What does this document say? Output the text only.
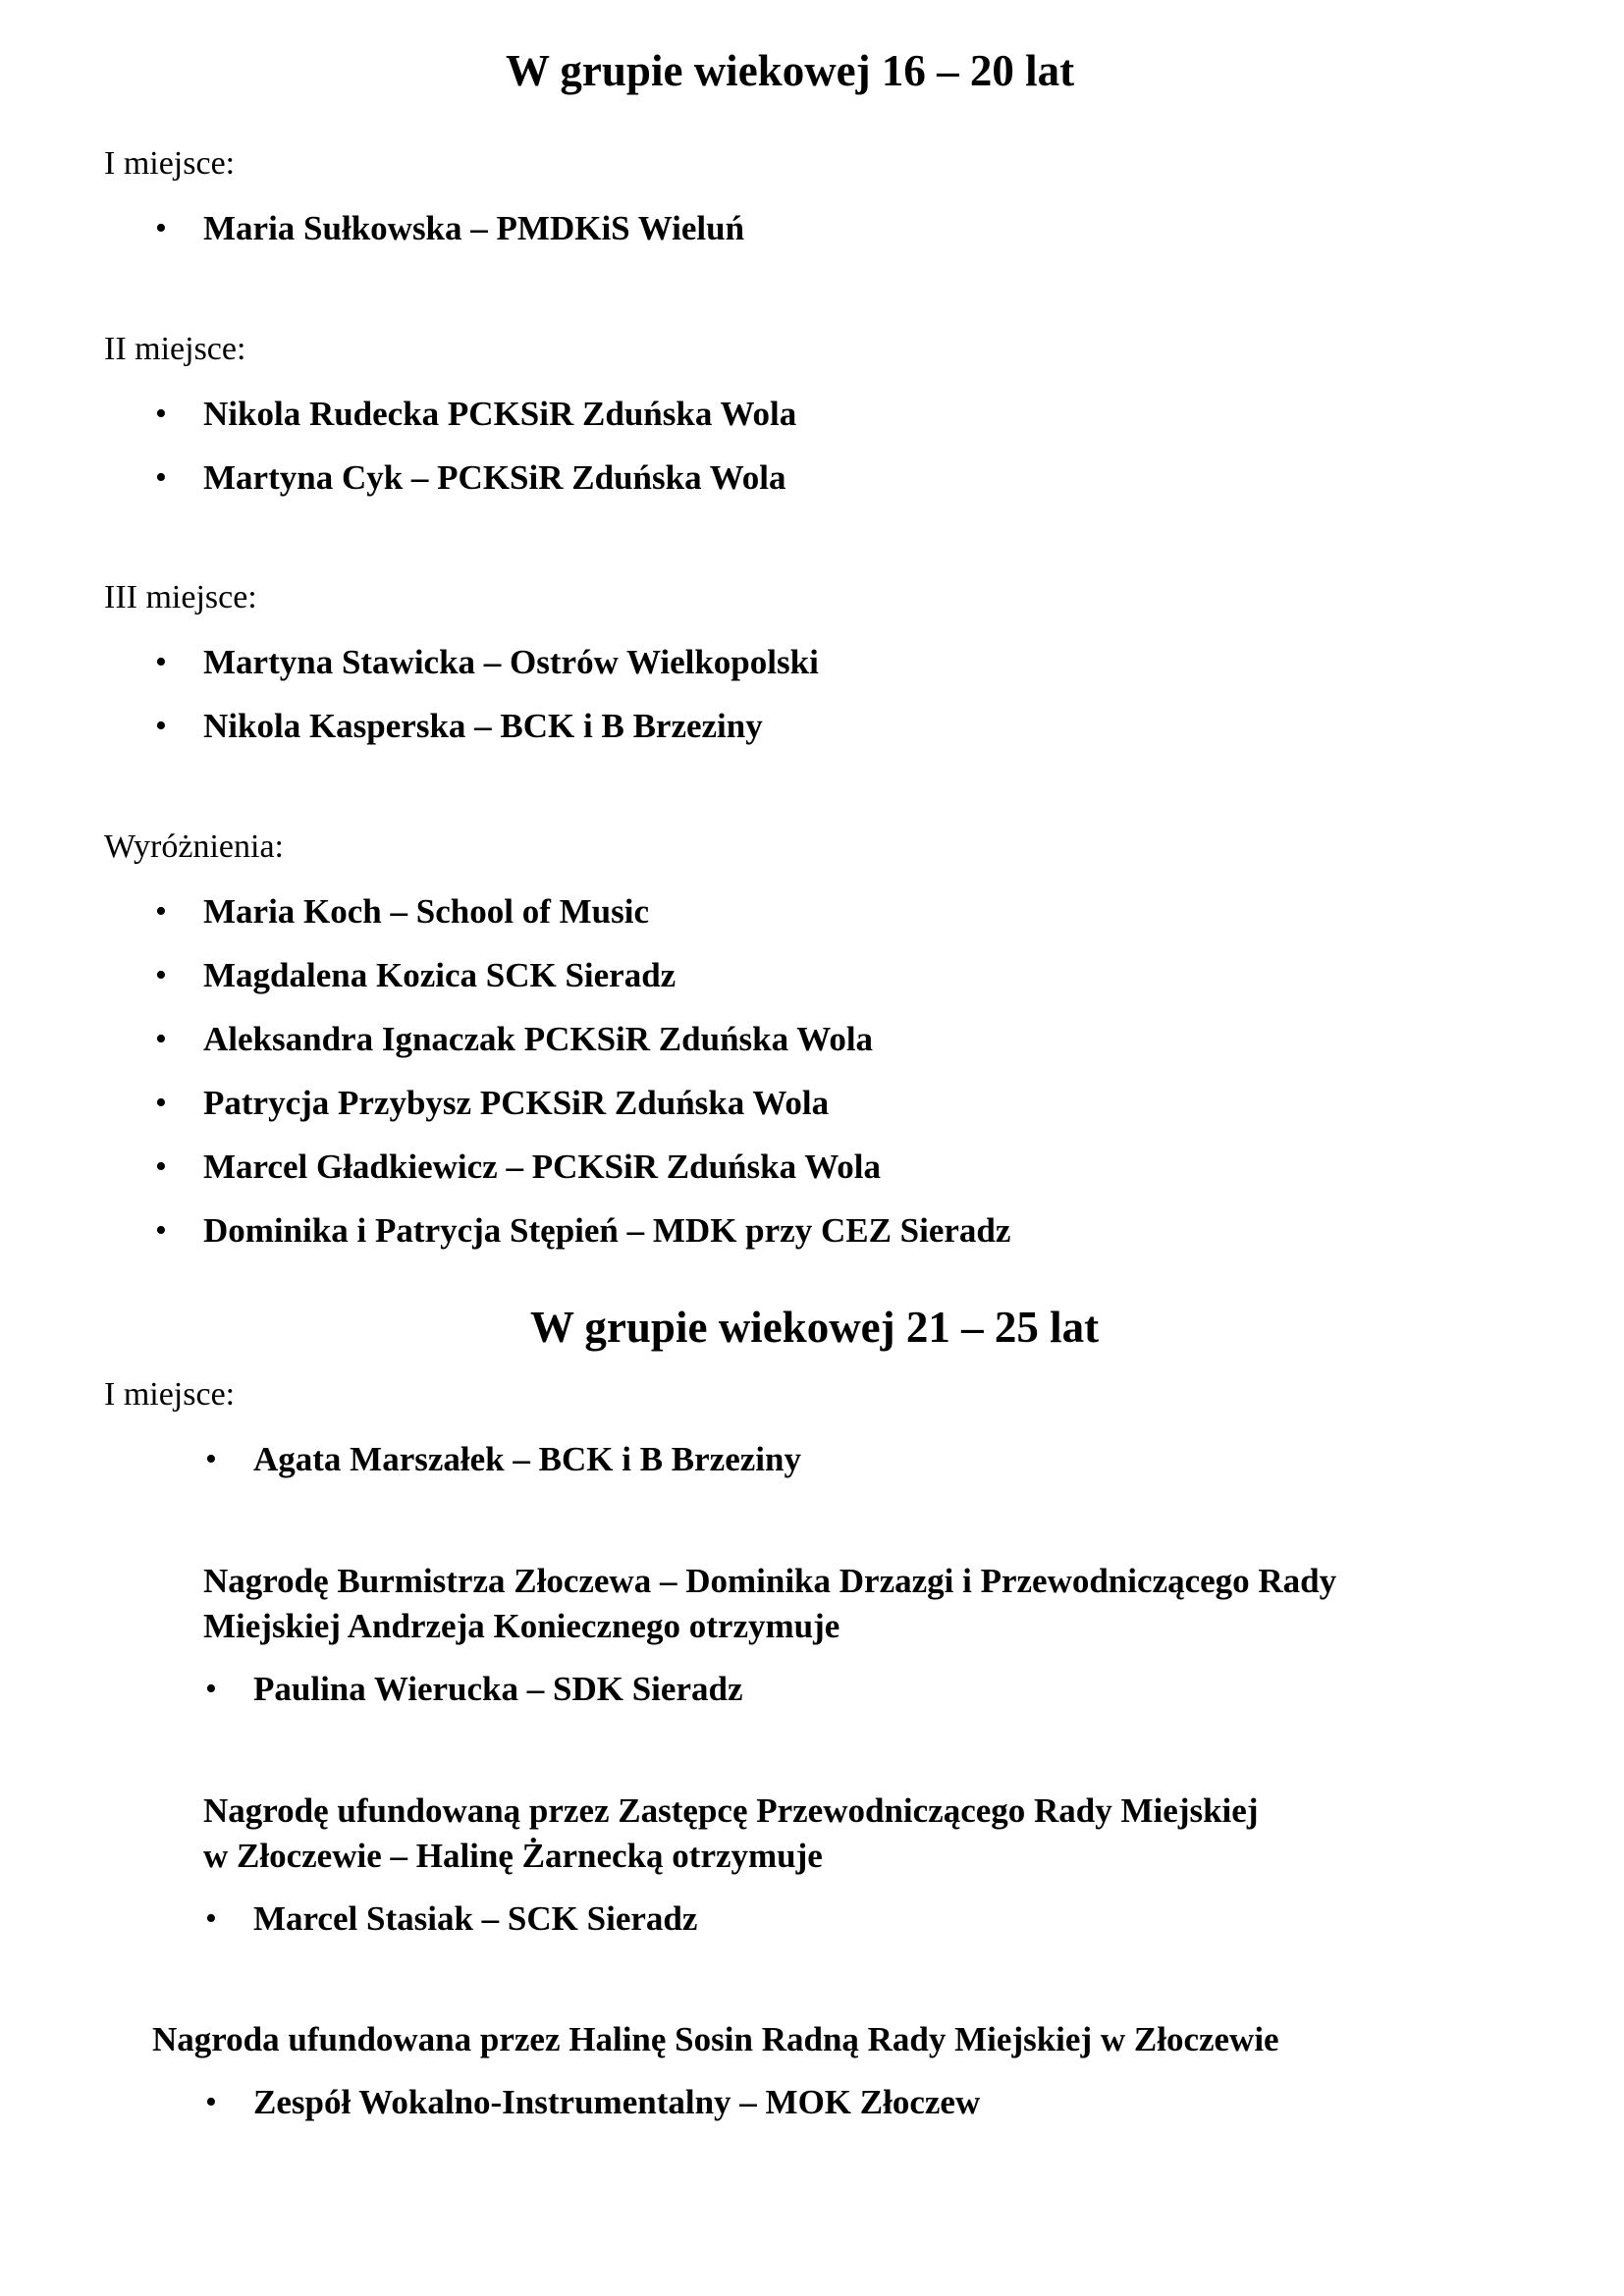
W grupie wiekowej 16 – 20 lat
I miejsce:
• Maria Sułkowska – PMDKiS Wieluń
II miejsce:
• Nikola Rudecka PCKSiR Zduńska Wola
• Martyna Cyk – PCKSiR Zduńska Wola
III miejsce:
• Martyna Stawicka – Ostrów Wielkopolski
• Nikola Kasperska – BCK i B Brzeziny
Wyróżnienia:
• Maria Koch – School of Music
• Magdalena Kozica SCK Sieradz
• Aleksandra Ignaczak PCKSiR Zduńska Wola
• Patrycja Przybysz PCKSiR Zduńska Wola
• Marcel Gładkiewicz – PCKSiR Zduńska Wola
• Dominika i Patrycja Stępień – MDK przy CEZ Sieradz
W grupie wiekowej 21 – 25 lat
I miejsce:
• Agata Marszałek – BCK i B Brzeziny
Nagrodę Burmistrza Złoczewa – Dominika Drzazgi i Przewodniczącego Rady
Miejskiej Andrzeja Koniecznego otrzymuje
• Paulina Wierucka – SDK Sieradz
Nagrodę ufundowaną przez Zastępcę Przewodniczącego Rady Miejskiej
w Złoczewie – Halinę Żarnecką otrzymuje
• Marcel Stasiak – SCK Sieradz
Nagroda ufundowana przez Halinę Sosin Radną Rady Miejskiej w Złoczewie
• Zespół Wokalno-Instrumentalny – MOK Złoczew
